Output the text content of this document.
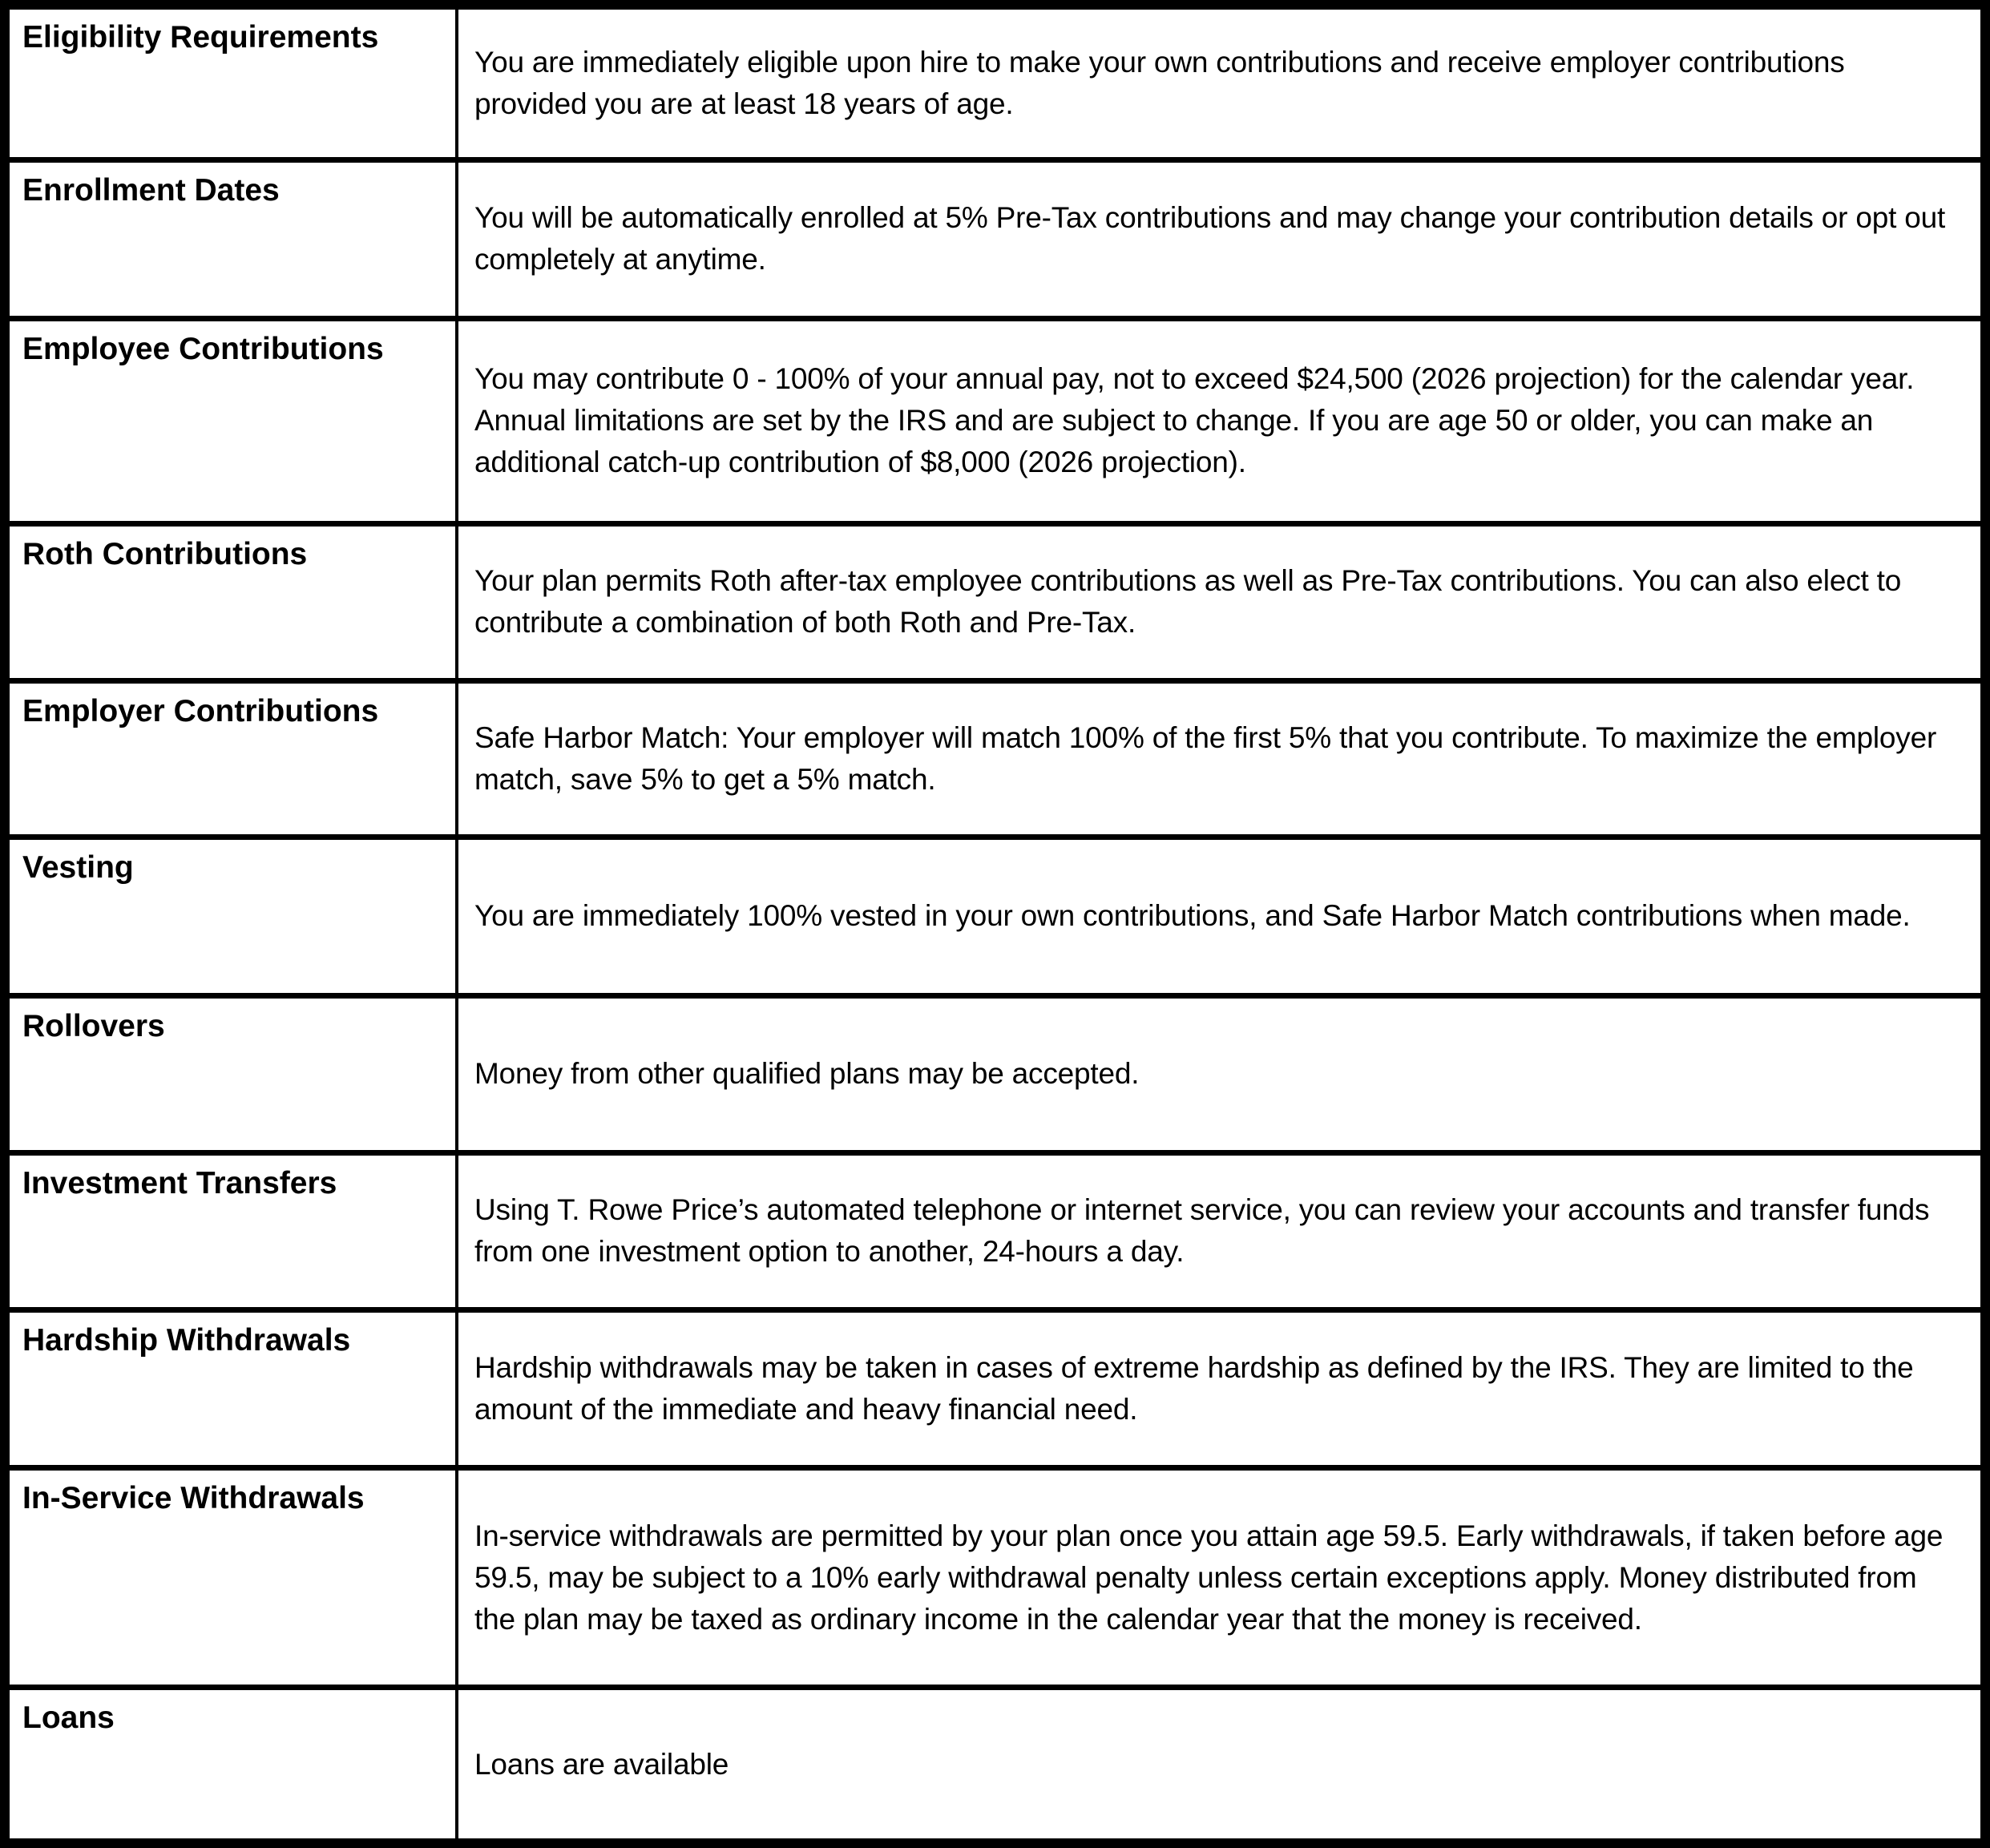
Eligibility Requirements	You are immediately eligible upon hire to make your own contributions and receive employer contributions provided you are at least 18 years of age.
Enrollment Dates	You will be automatically enrolled at 5% Pre-Tax contributions and may change your contribution details or opt out completely at anytime.
Employee Contributions	You may contribute 0 - 100% of your annual pay, not to exceed $24,500 (2026 projection) for the calendar year. Annual limitations are set by the IRS and are subject to change. If you are age 50 or older, you can make an additional catch-up contribution of $8,000 (2026 projection).
Roth Contributions	Your plan permits Roth after-tax employee contributions as well as Pre-Tax contributions. You can also elect to contribute a combination of both Roth and Pre-Tax.
Employer Contributions	Safe Harbor Match: Your employer will match 100% of the first 5% that you contribute. To maximize the employer match, save 5% to get a 5% match.
Vesting	You are immediately 100% vested in your own contributions, and Safe Harbor Match contributions when made.
Rollovers	Money from other qualified plans may be accepted.
Investment Transfers	Using T. Rowe Price’s automated telephone or internet service, you can review your accounts and transfer funds from one investment option to another, 24-hours a day.
Hardship Withdrawals	Hardship withdrawals may be taken in cases of extreme hardship as defined by the IRS. They are limited to the amount of the immediate and heavy financial need.
In-Service Withdrawals	In-service withdrawals are permitted by your plan once you attain age 59.5. Early withdrawals, if taken before age 59.5, may be subject to a 10% early withdrawal penalty unless certain exceptions apply. Money distributed from the plan may be taxed as ordinary income in the calendar year that the money is received.
Loans	Loans are available
